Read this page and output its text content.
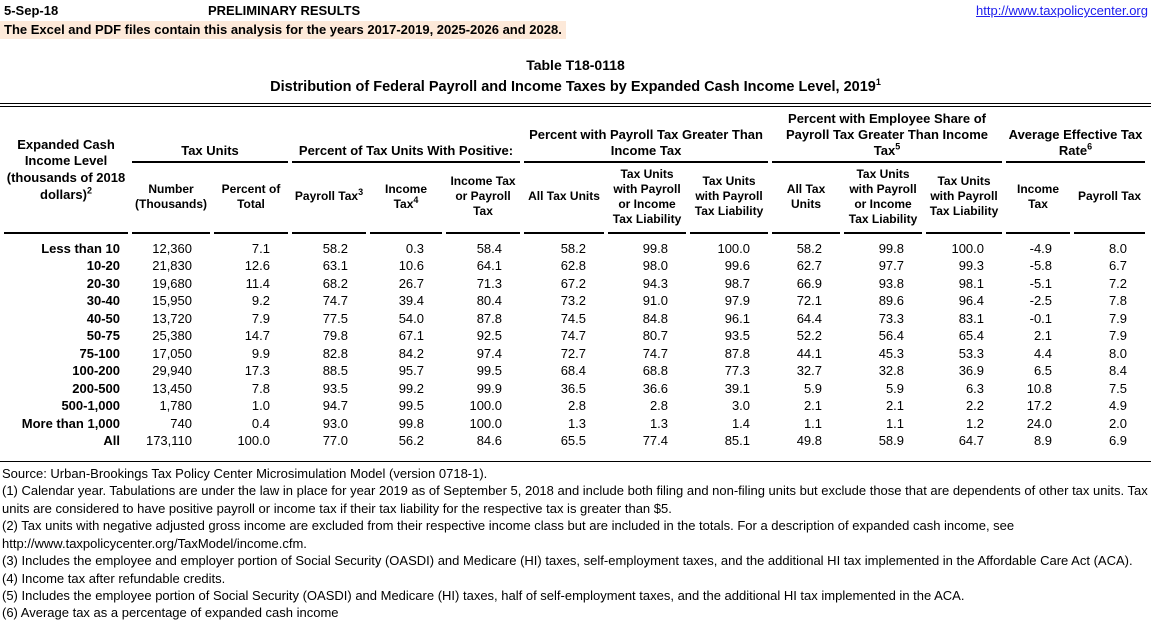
5-Sep-18	PRELIMINARY RESULTS	http://www.taxpolicycenter.org
The Excel and PDF files contain this analysis for the years 2017-2019, 2025-2026 and 2028.
Table T18-0118
Distribution of Federal Payroll and Income Taxes by Expanded Cash Income Level, 2019$^1$
Expanded Cash Income Level (thousands of 2018 dollars)$^2$	Tax Units		Percent of Tax Units With Positive:			Percent with Payroll Tax Greater Than Income Tax			Percent with Employee Share of Payroll Tax Greater Than Income Tax$^5$			Average Effective Tax Rate$^6$
	Number (Thousands)	Percent of Total	Payroll Tax$^3$	Income Tax$^4$	Income Tax or Payroll Tax	All Tax Units	Tax Units with Payroll or Income Tax Liability	Tax Units with Payroll Tax Liability	All Tax Units	Tax Units with Payroll or Income Tax Liability	Tax Units with Payroll Tax Liability	Income Tax	Payroll Tax
Less than 10	12,360	7.1	58.2	0.3	58.4	58.2	99.8	100.0	58.2	99.8	100.0	-4.9	8.0
10-20	21,830	12.6	63.1	10.6	64.1	62.8	98.0	99.6	62.7	97.7	99.3	-5.8	6.7
20-30	19,680	11.4	68.2	26.7	71.3	67.2	94.3	98.7	66.9	93.8	98.1	-5.1	7.2
30-40	15,950	9.2	74.7	39.4	80.4	73.2	91.0	97.9	72.1	89.6	96.4	-2.5	7.8
40-50	13,720	7.9	77.5	54.0	87.8	74.5	84.8	96.1	64.4	73.3	83.1	-0.1	7.9
50-75	25,380	14.7	79.8	67.1	92.5	74.7	80.7	93.5	52.2	56.4	65.4	2.1	7.9
75-100	17,050	9.9	82.8	84.2	97.4	72.7	74.7	87.8	44.1	45.3	53.3	4.4	8.0
100-200	29,940	17.3	88.5	95.7	99.5	68.4	68.8	77.3	32.7	32.8	36.9	6.5	8.4
200-500	13,450	7.8	93.5	99.2	99.9	36.5	36.6	39.1	5.9	5.9	6.3	10.8	7.5
500-1,000	1,780	1.0	94.7	99.5	100.0	2.8	2.8	3.0	2.1	2.1	2.2	17.2	4.9
More than 1,000	740	0.4	93.0	99.8	100.0	1.3	1.3	1.4	1.1	1.1	1.2	24.0	2.0
All	173,110	100.0	77.0	56.2	84.6	65.5	77.4	85.1	49.8	58.9	64.7	8.9	6.9
Source: Urban-Brookings Tax Policy Center Microsimulation Model (version 0718-1).
(1) Calendar year. Tabulations are under the law in place for year 2019 as of September 5, 2018 and include both filing and non-filing units but exclude those that are dependents of other tax units. Tax units are considered to have positive payroll or income tax if their tax liability for the respective tax is greater than $5.
(2) Tax units with negative adjusted gross income are excluded from their respective income class but are included in the totals. For a description of expanded cash income, see http://www.taxpolicycenter.org/TaxModel/income.cfm.
(3) Includes the employee and employer portion of Social Security (OASDI) and Medicare (HI) taxes, self-employment taxes, and the additional HI tax implemented in the Affordable Care Act (ACA).
(4) Income tax after refundable credits.
(5) Includes the employee portion of Social Security (OASDI) and Medicare (HI) taxes, half of self-employment taxes, and the additional HI tax implemented in the ACA.
(6) Average tax as a percentage of expanded cash income
